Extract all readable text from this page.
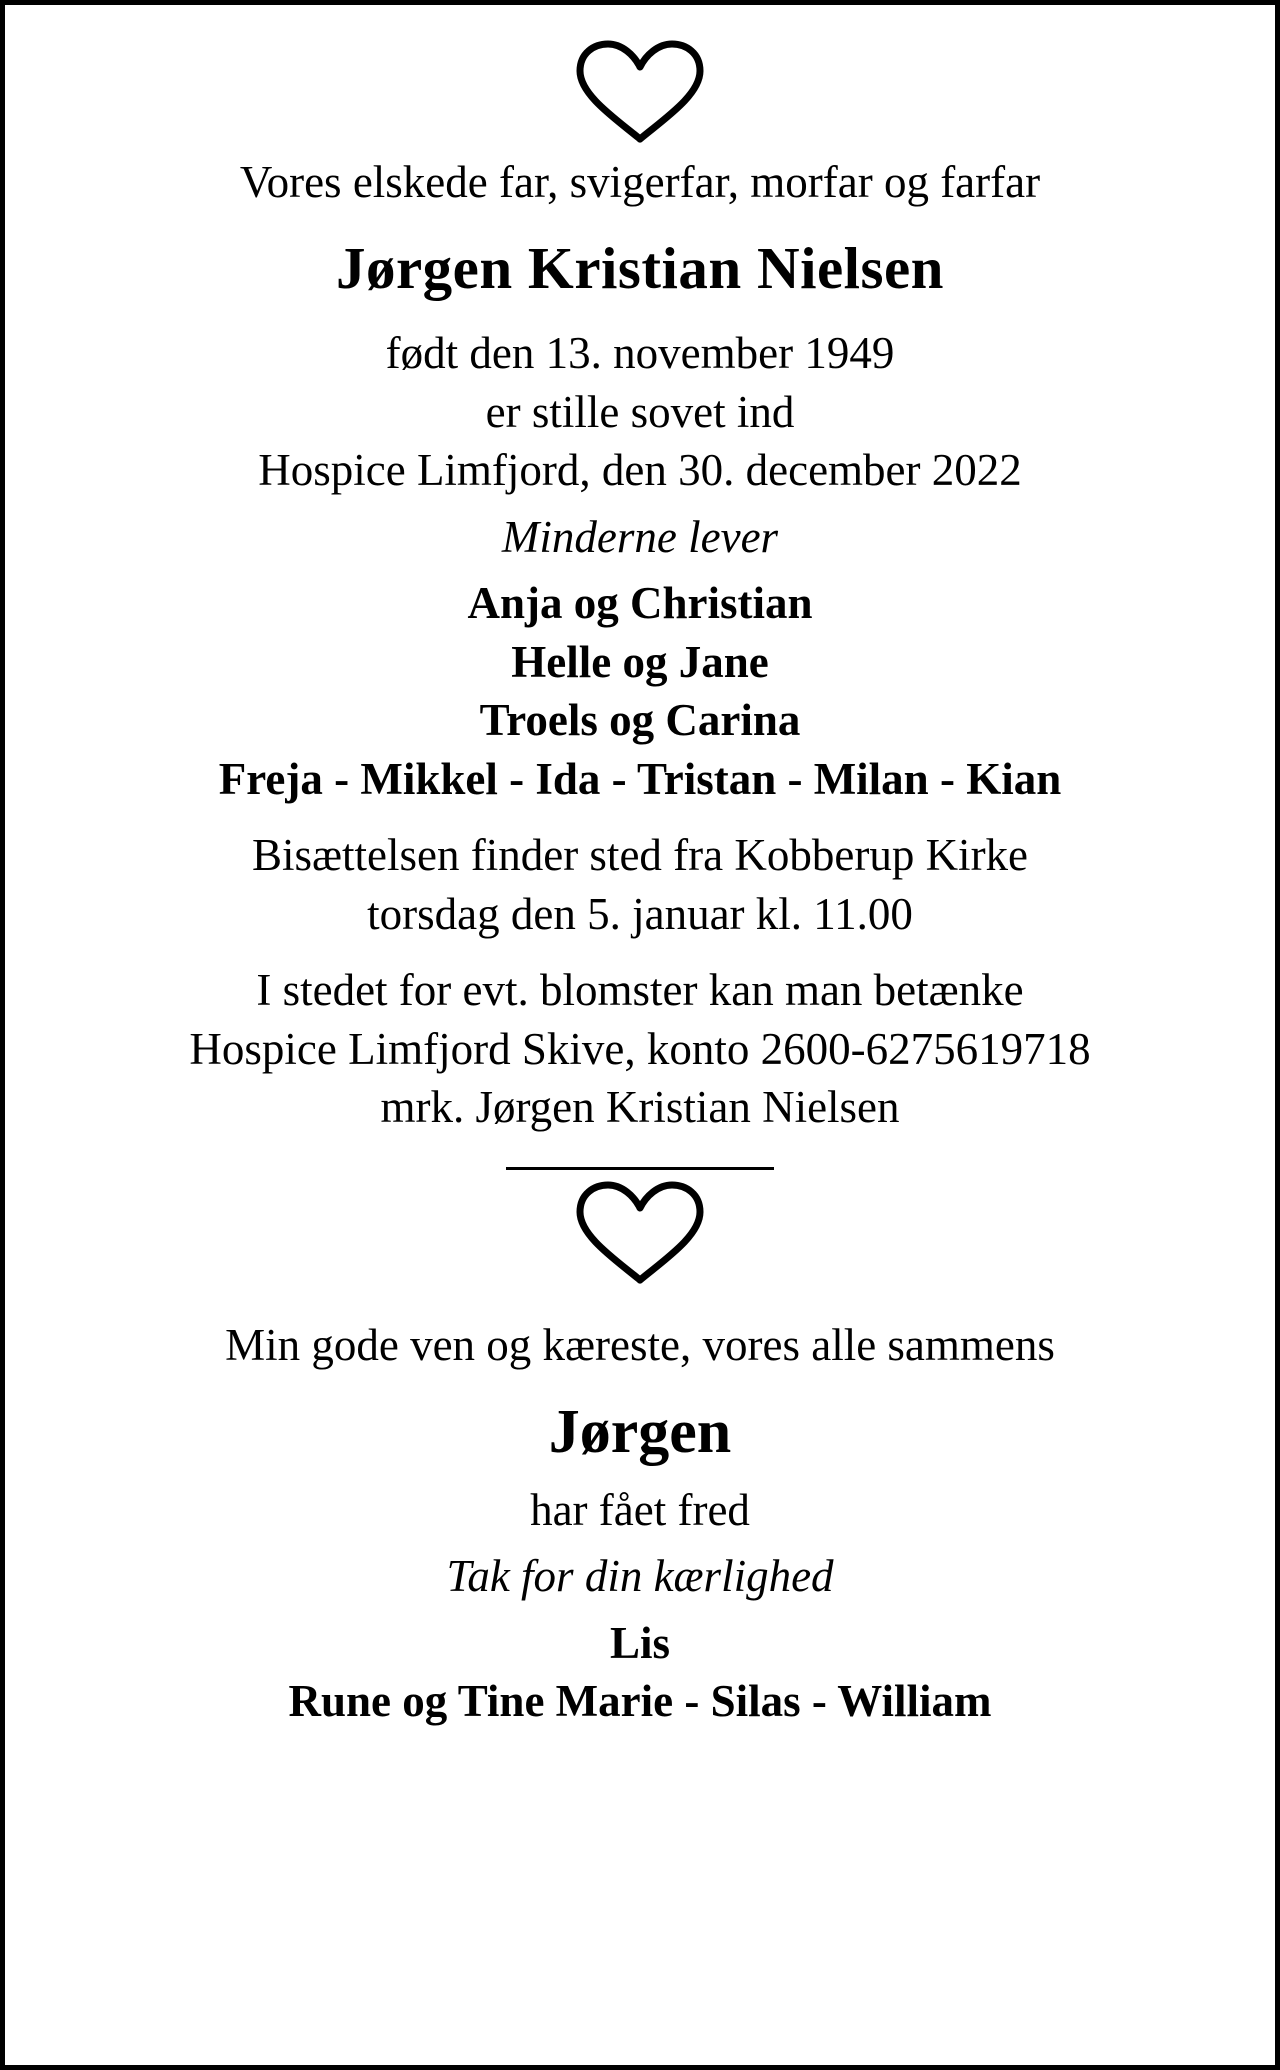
Vores elskede far, svigerfar, morfar og farfar
Jørgen Kristian Nielsen
født den 13. november 1949
er stille sovet ind
Hospice Limfjord, den 30. december 2022
Minderne lever
Anja og Christian
Helle og Jane
Troels og Carina
Freja - Mikkel - Ida - Tristan - Milan - Kian
Bisættelsen finder sted fra Kobberup Kirke
torsdag den 5. januar kl. 11.00
I stedet for evt. blomster kan man betænke
Hospice Limfjord Skive, konto 2600-6275619718
mrk. Jørgen Kristian Nielsen
Min gode ven og kæreste, vores alle sammens
Jørgen
har fået fred
Tak for din kærlighed
Lis
Rune og Tine Marie - Silas - William
